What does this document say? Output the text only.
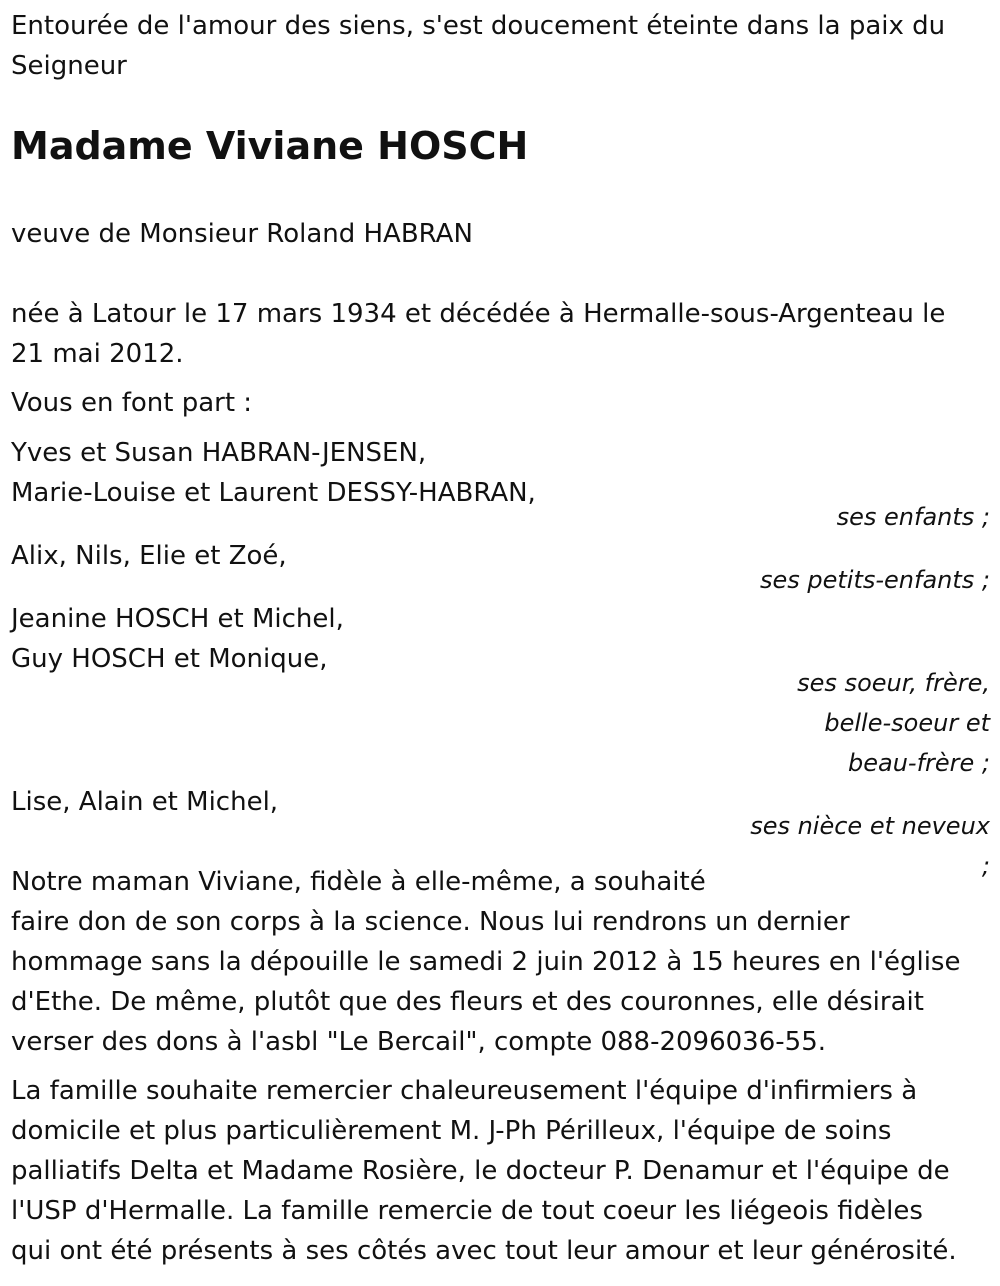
Entourée de l'amour des siens, s'est doucement éteinte dans la paix du
Seigneur
Madame Viviane HOSCH
veuve de Monsieur Roland HABRAN
née à Latour le 17 mars 1934 et décédée à Hermalle-sous-Argenteau le
21 mai 2012.
Vous en font part :
Yves et Susan HABRAN-JENSEN,
Marie-Louise et Laurent DESSY-HABRAN,
ses enfants ;
Alix, Nils, Elie et Zoé,
ses petits-enfants ;
Jeanine HOSCH et Michel,
Guy HOSCH et Monique,
ses soeur, frère,
belle-soeur et
beau-frère ;
Lise, Alain et Michel,
ses nièce et neveux
;
Notre maman Viviane, fidèle à elle-même, a souhaité
faire don de son corps à la science. Nous lui rendrons un dernier
hommage sans la dépouille le samedi 2 juin 2012 à 15 heures en l'église
d'Ethe. De même, plutôt que des fleurs et des couronnes, elle désirait
verser des dons à l'asbl "Le Bercail", compte 088-2096036-55.
La famille souhaite remercier chaleureusement l'équipe d'infirmiers à
domicile et plus particulièrement M. J-Ph Périlleux, l'équipe de soins
palliatifs Delta et Madame Rosière, le docteur P. Denamur et l'équipe de
l'USP d'Hermalle. La famille remercie de tout coeur les liégeois fidèles
qui ont été présents à ses côtés avec tout leur amour et leur générosité.
